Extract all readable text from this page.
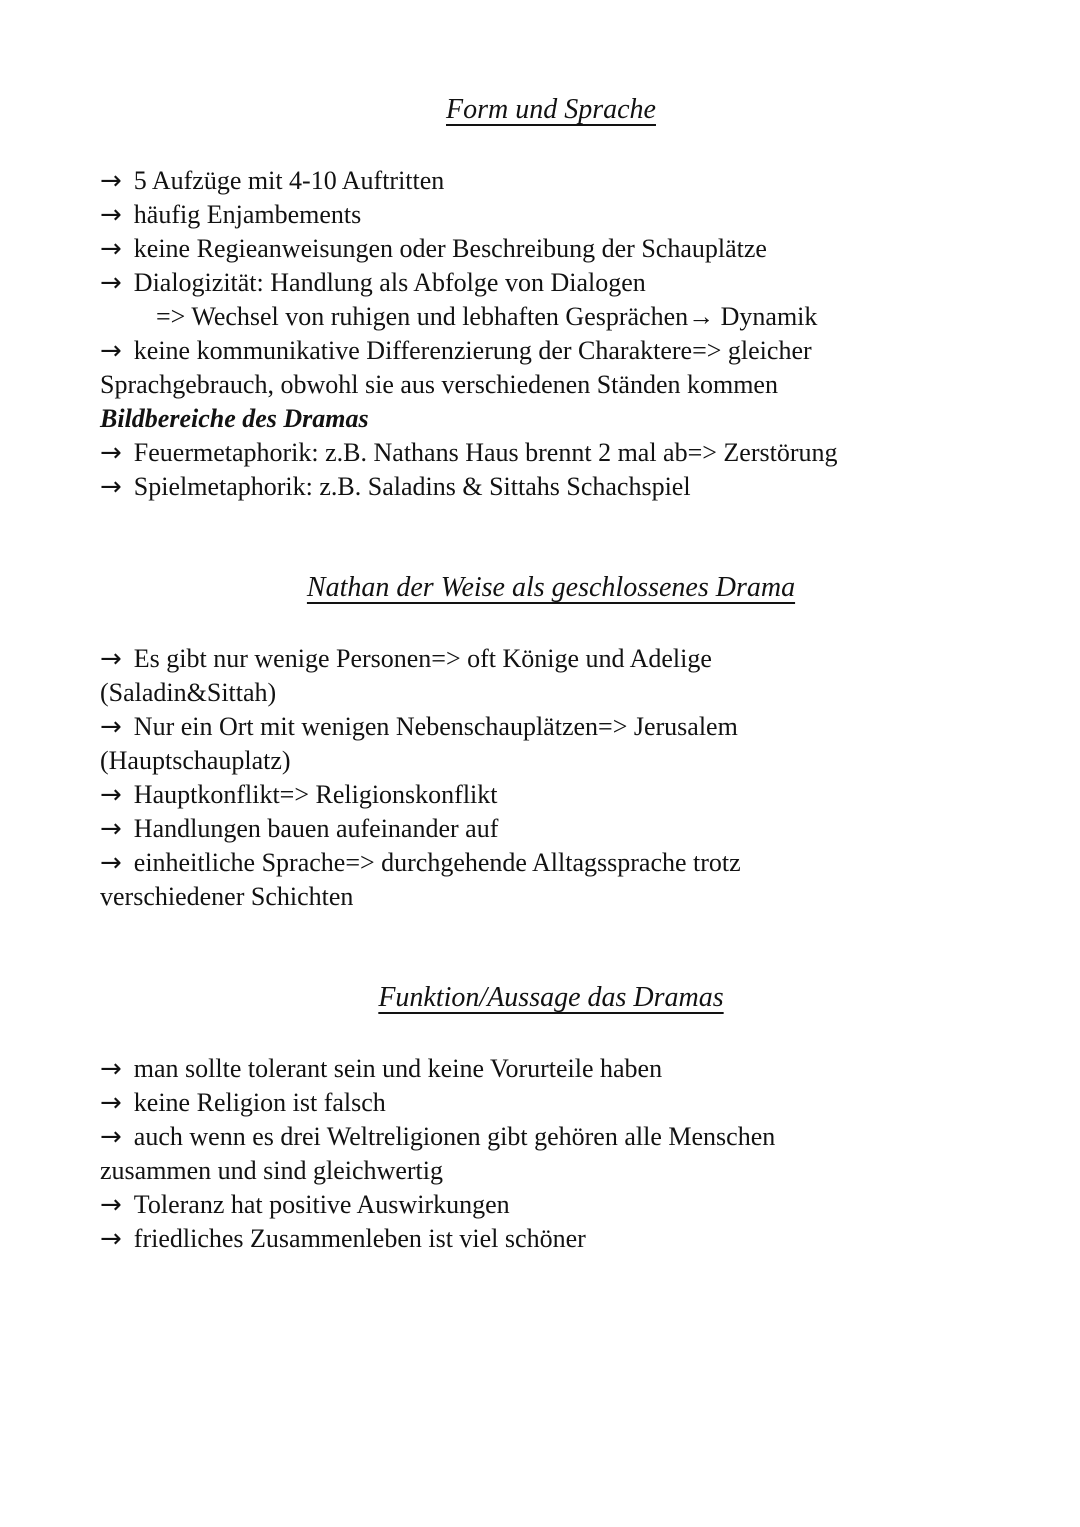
Form und Sprache

→ 5 Aufzüge mit 4-10 Auftritten

→ häufig Enjambements

→ keine Regieanweisungen oder Beschreibung der Schauplätze

→ Dialogizität: Handlung als Abfolge von Dialogen

=> Wechsel von ruhigen und lebhaften Gesprächen→ Dynamik

→ keine kommunikative Differenzierung der Charaktere=> gleicher

Sprachgebrauch, obwohl sie aus verschiedenen Ständen kommen

Bildbereiche des Dramas

→ Feuermetaphorik: z.B. Nathans Haus brennt 2 mal ab=> Zerstörung

→ Spielmetaphorik: z.B. Saladins & Sittahs Schachspiel

Nathan der Weise als geschlossenes Drama

→ Es gibt nur wenige Personen=> oft Könige und Adelige

(Saladin&Sittah)

→ Nur ein Ort mit wenigen Nebenschauplätzen=> Jerusalem

(Hauptschauplatz)

→ Hauptkonflikt=> Religionskonflikt

→ Handlungen bauen aufeinander auf

→ einheitliche Sprache=> durchgehende Alltagssprache trotz

verschiedener Schichten

Funktion/Aussage das Dramas

→ man sollte tolerant sein und keine Vorurteile haben

→ keine Religion ist falsch

→ auch wenn es drei Weltreligionen gibt gehören alle Menschen

zusammen und sind gleichwertig

→ Toleranz hat positive Auswirkungen

→ friedliches Zusammenleben ist viel schöner
